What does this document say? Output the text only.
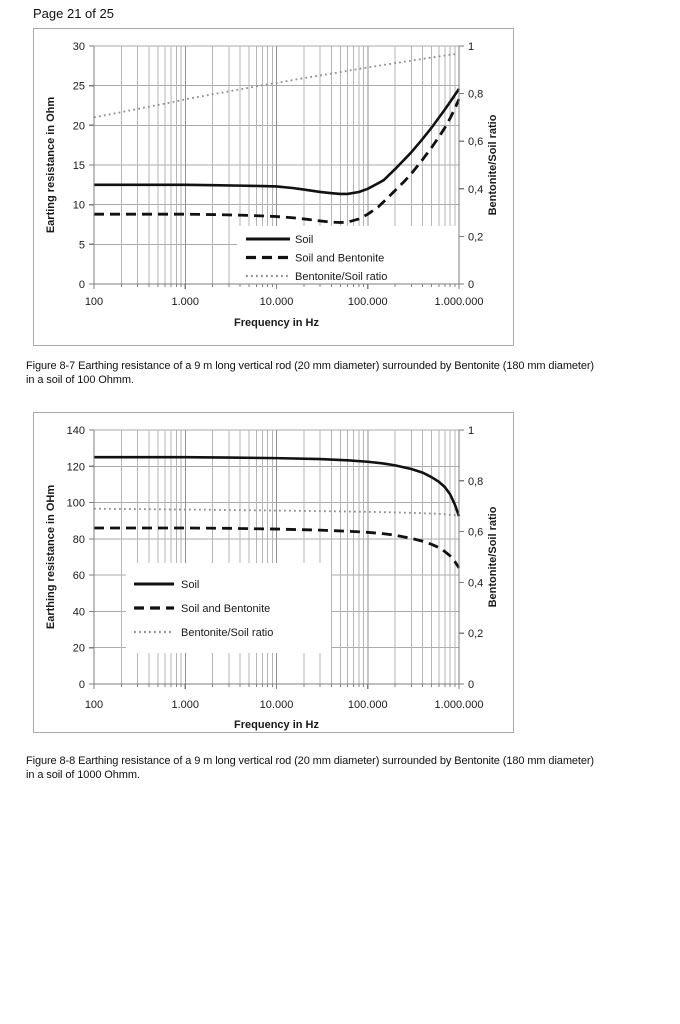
Page 21 of 25
Soil
Soil and Bentonite
Bentonite/Soil ratio
0
5
10
15
20
25
30
0
0,2
0,4
0,6
0,8
1
100	1.000	10.000	100.000	1.000.000
Earting resistance in Ohm	Bentonite/Soil ratio
Frequency in Hz

Figure 8-7 Earthing resistance of a 9 m long vertical rod (20 mm diameter) surrounded by Bentonite (180 mm diameter)
in a soil of 100 Ohmm.

Soil
Soil and Bentonite
Bentonite/Soil ratio
0
20
40
60
80
100
120
140
0
0,2
0,4
0,6
0,8
1
100	1.000	10.000	100.000	1.000.000
Earthing resistance in OHm	Bentonite/Soil ratio
Frequency in Hz

Figure 8-8 Earthing resistance of a 9 m long vertical rod (20 mm diameter) surrounded by Bentonite (180 mm diameter)
in a soil of 1000 Ohmm.
